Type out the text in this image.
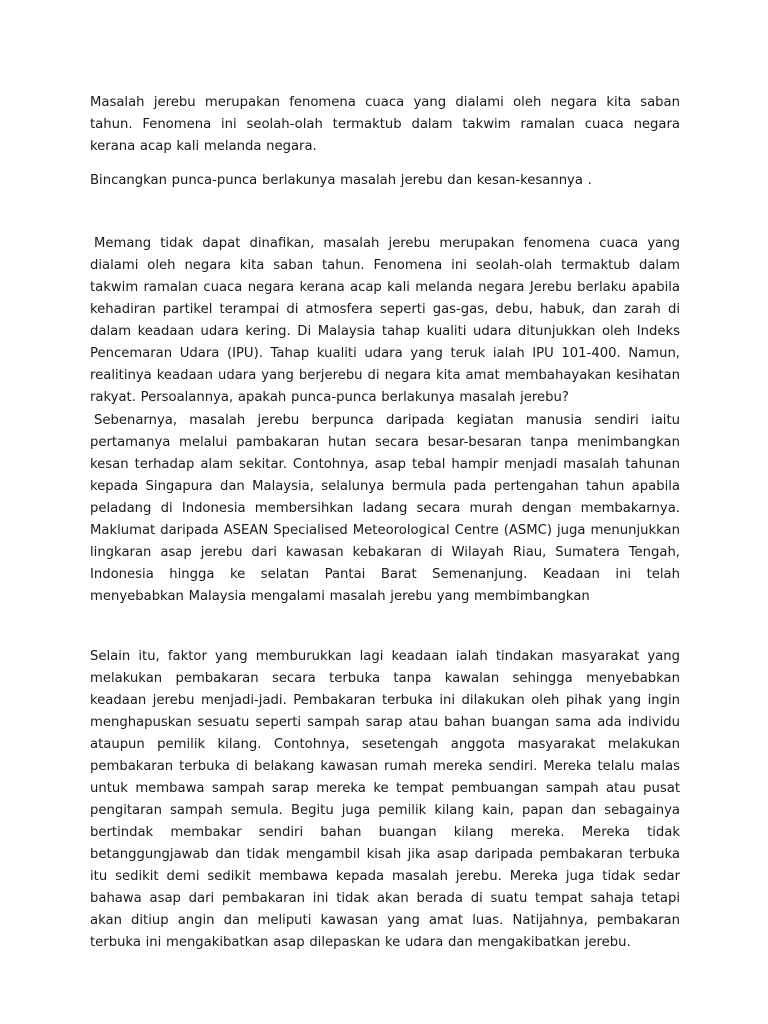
Masalah jerebu merupakan fenomena cuaca yang dialami oleh negara kita saban tahun. Fenomena ini seolah-olah termaktub dalam takwim ramalan cuaca negara kerana acap kali melanda negara.

Bincangkan punca-punca berlakunya masalah jerebu dan kesan-kesannya .

Memang tidak dapat dinafikan, masalah jerebu merupakan fenomena cuaca yang dialami oleh negara kita saban tahun. Fenomena ini seolah-olah termaktub dalam takwim ramalan cuaca negara kerana acap kali melanda negara Jerebu berlaku apabila kehadiran partikel terampai di atmosfera seperti gas-gas, debu, habuk, dan zarah di dalam keadaan udara kering. Di Malaysia tahap kualiti udara ditunjukkan oleh Indeks Pencemaran Udara (IPU). Tahap kualiti udara yang teruk ialah IPU 101-400. Namun, realitinya keadaan udara yang berjerebu di negara kita amat membahayakan kesihatan rakyat. Persoalannya, apakah punca-punca berlakunya masalah jerebu?

Sebenarnya, masalah jerebu berpunca daripada kegiatan manusia sendiri iaitu pertamanya melalui pambakaran hutan secara besar-besaran tanpa menimbangkan kesan terhadap alam sekitar. Contohnya, asap tebal hampir menjadi masalah tahunan kepada Singapura dan Malaysia, selalunya bermula pada pertengahan tahun apabila peladang di Indonesia membersihkan ladang secara murah dengan membakarnya. Maklumat daripada ASEAN Specialised Meteorological Centre (ASMC) juga menunjukkan lingkaran asap jerebu dari kawasan kebakaran di Wilayah Riau, Sumatera Tengah, Indonesia hingga ke selatan Pantai Barat Semenanjung. Keadaan ini telah menyebabkan Malaysia mengalami masalah jerebu yang membimbangkan

Selain itu, faktor yang memburukkan lagi keadaan ialah tindakan masyarakat yang melakukan pembakaran secara terbuka tanpa kawalan sehingga menyebabkan keadaan jerebu menjadi-jadi. Pembakaran terbuka ini dilakukan oleh pihak yang ingin menghapuskan sesuatu seperti sampah sarap atau bahan buangan sama ada individu ataupun pemilik kilang. Contohnya, sesetengah anggota masyarakat melakukan pembakaran terbuka di belakang kawasan rumah mereka sendiri. Mereka telalu malas untuk membawa sampah sarap mereka ke tempat pembuangan sampah atau pusat pengitaran sampah semula. Begitu juga pemilik kilang kain, papan dan sebagainya bertindak membakar sendiri bahan buangan kilang mereka. Mereka tidak betanggungjawab dan tidak mengambil kisah jika asap daripada pembakaran terbuka itu sedikit demi sedikit membawa kepada masalah jerebu. Mereka juga tidak sedar bahawa asap dari pembakaran ini tidak akan berada di suatu tempat sahaja tetapi akan ditiup angin dan meliputi kawasan yang amat luas. Natijahnya, pembakaran terbuka ini mengakibatkan asap dilepaskan ke udara dan mengakibatkan jerebu.
